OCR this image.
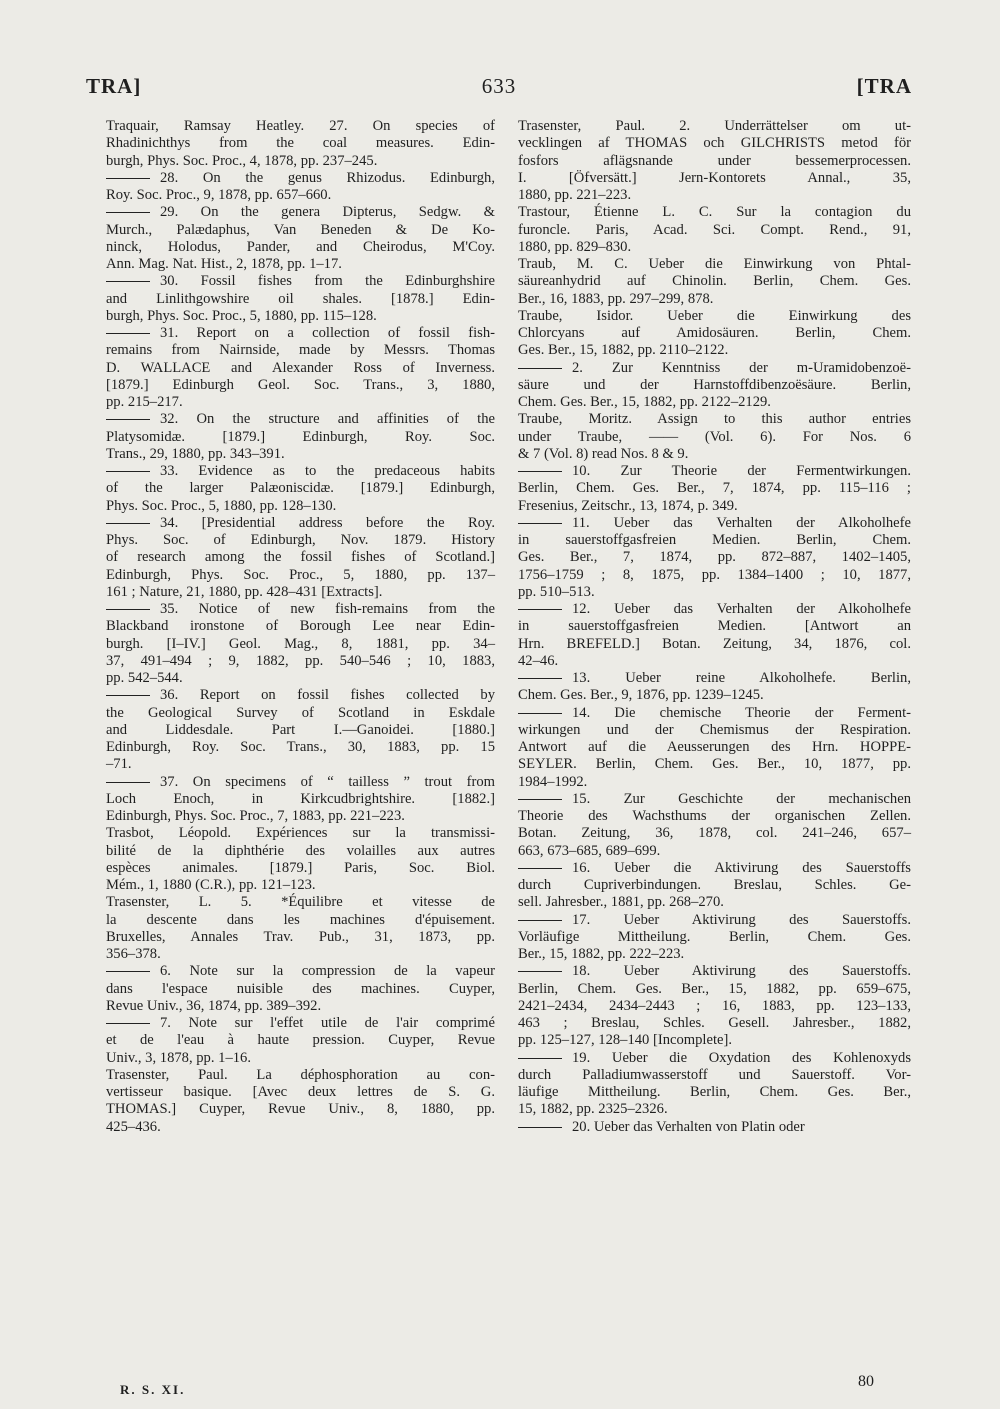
TRA]	633	[TRA
Traquair, Ramsay Heatley. 27. On species of
Rhadinichthys from the coal measures. Edin-
burgh, Phys. Soc. Proc., 4, 1878, pp. 237–245.
28. On the genus Rhizodus. Edinburgh,
Roy. Soc. Proc., 9, 1878, pp. 657–660.
29. On the genera Dipterus, Sedgw. &
Murch., Palædaphus, Van Beneden & De Ko-
ninck, Holodus, Pander, and Cheirodus, M'Coy.
Ann. Mag. Nat. Hist., 2, 1878, pp. 1–17.
30. Fossil fishes from the Edinburghshire
and Linlithgowshire oil shales. [1878.] Edin-
burgh, Phys. Soc. Proc., 5, 1880, pp. 115–128.
31. Report on a collection of fossil fish-
remains from Nairnside, made by Messrs. Thomas
D. WALLACE and Alexander Ross of Inverness.
[1879.] Edinburgh Geol. Soc. Trans., 3, 1880,
pp. 215–217.
32. On the structure and affinities of the
Platysomidæ. [1879.] Edinburgh, Roy. Soc.
Trans., 29, 1880, pp. 343–391.
33. Evidence as to the predaceous habits
of the larger Palæoniscidæ. [1879.] Edinburgh,
Phys. Soc. Proc., 5, 1880, pp. 128–130.
34. [Presidential address before the Roy.
Phys. Soc. of Edinburgh, Nov. 1879. History
of research among the fossil fishes of Scotland.]
Edinburgh, Phys. Soc. Proc., 5, 1880, pp. 137–
161 ; Nature, 21, 1880, pp. 428–431 [Extracts].
35. Notice of new fish-remains from the
Blackband ironstone of Borough Lee near Edin-
burgh. [I–IV.] Geol. Mag., 8, 1881, pp. 34–
37, 491–494 ; 9, 1882, pp. 540–546 ; 10, 1883,
pp. 542–544.
36. Report on fossil fishes collected by
the Geological Survey of Scotland in Eskdale
and Liddesdale. Part I.—Ganoidei. [1880.]
Edinburgh, Roy. Soc. Trans., 30, 1883, pp. 15
–71.
37. On specimens of “ tailless ” trout from
Loch Enoch, in Kirkcudbrightshire. [1882.]
Edinburgh, Phys. Soc. Proc., 7, 1883, pp. 221–223.
Trasbot, Léopold. Expériences sur la transmissi-
bilité de la diphthérie des volailles aux autres
espèces animales. [1879.] Paris, Soc. Biol.
Mém., 1, 1880 (C.R.), pp. 121–123.
Trasenster, L. 5. *Équilibre et vitesse de
la descente dans les machines d'épuisement.
Bruxelles, Annales Trav. Pub., 31, 1873, pp.
356–378.
6. Note sur la compression de la vapeur
dans l'espace nuisible des machines. Cuyper,
Revue Univ., 36, 1874, pp. 389–392.
7. Note sur l'effet utile de l'air comprimé
et de l'eau à haute pression. Cuyper, Revue
Univ., 3, 1878, pp. 1–16.
Trasenster, Paul. La déphosphoration au con-
vertisseur basique. [Avec deux lettres de S. G.
THOMAS.] Cuyper, Revue Univ., 8, 1880, pp.
425–436.
Trasenster, Paul. 2. Underrättelser om ut-
vecklingen af THOMAS och GILCHRISTS metod för
fosfors aflägsnande under bessemerprocessen.
I. [Öfversätt.] Jern-Kontorets Annal., 35,
1880, pp. 221–223.
Trastour, Étienne L. C. Sur la contagion du
furoncle. Paris, Acad. Sci. Compt. Rend., 91,
1880, pp. 829–830.
Traub, M. C. Ueber die Einwirkung von Phtal-
säureanhydrid auf Chinolin. Berlin, Chem. Ges.
Ber., 16, 1883, pp. 297–299, 878.
Traube, Isidor. Ueber die Einwirkung des
Chlorcyans auf Amidosäuren. Berlin, Chem.
Ges. Ber., 15, 1882, pp. 2110–2122.
2. Zur Kenntniss der m-Uramidobenzoë-
säure und der Harnstoffdibenzoësäure. Berlin,
Chem. Ges. Ber., 15, 1882, pp. 2122–2129.
Traube, Moritz. Assign to this author entries
under Traube, —— (Vol. 6). For Nos. 6
& 7 (Vol. 8) read Nos. 8 & 9.
10. Zur Theorie der Fermentwirkungen.
Berlin, Chem. Ges. Ber., 7, 1874, pp. 115–116 ;
Fresenius, Zeitschr., 13, 1874, p. 349.
11. Ueber das Verhalten der Alkoholhefe
in sauerstoffgasfreien Medien. Berlin, Chem.
Ges. Ber., 7, 1874, pp. 872–887, 1402–1405,
1756–1759 ; 8, 1875, pp. 1384–1400 ; 10, 1877,
pp. 510–513.
12. Ueber das Verhalten der Alkoholhefe
in sauerstoffgasfreien Medien. [Antwort an
Hrn. BREFELD.] Botan. Zeitung, 34, 1876, col.
42–46.
13. Ueber reine Alkoholhefe. Berlin,
Chem. Ges. Ber., 9, 1876, pp. 1239–1245.
14. Die chemische Theorie der Ferment-
wirkungen und der Chemismus der Respiration.
Antwort auf die Aeusserungen des Hrn. HOPPE-
SEYLER. Berlin, Chem. Ges. Ber., 10, 1877, pp.
1984–1992.
15. Zur Geschichte der mechanischen
Theorie des Wachsthums der organischen Zellen.
Botan. Zeitung, 36, 1878, col. 241–246, 657–
663, 673–685, 689–699.
16. Ueber die Aktivirung des Sauerstoffs
durch Cupriverbindungen. Breslau, Schles. Ge-
sell. Jahresber., 1881, pp. 268–270.
17. Ueber Aktivirung des Sauerstoffs.
Vorläufige Mittheilung. Berlin, Chem. Ges.
Ber., 15, 1882, pp. 222–223.
18. Ueber Aktivirung des Sauerstoffs.
Berlin, Chem. Ges. Ber., 15, 1882, pp. 659–675,
2421–2434, 2434–2443 ; 16, 1883, pp. 123–133,
463 ; Breslau, Schles. Gesell. Jahresber., 1882,
pp. 125–127, 128–140 [Incomplete].
19. Ueber die Oxydation des Kohlenoxyds
durch Palladiumwasserstoff und Sauerstoff. Vor-
läufige Mittheilung. Berlin, Chem. Ges. Ber.,
15, 1882, pp. 2325–2326.
20. Ueber das Verhalten von Platin oder
R. S. XI.	80
